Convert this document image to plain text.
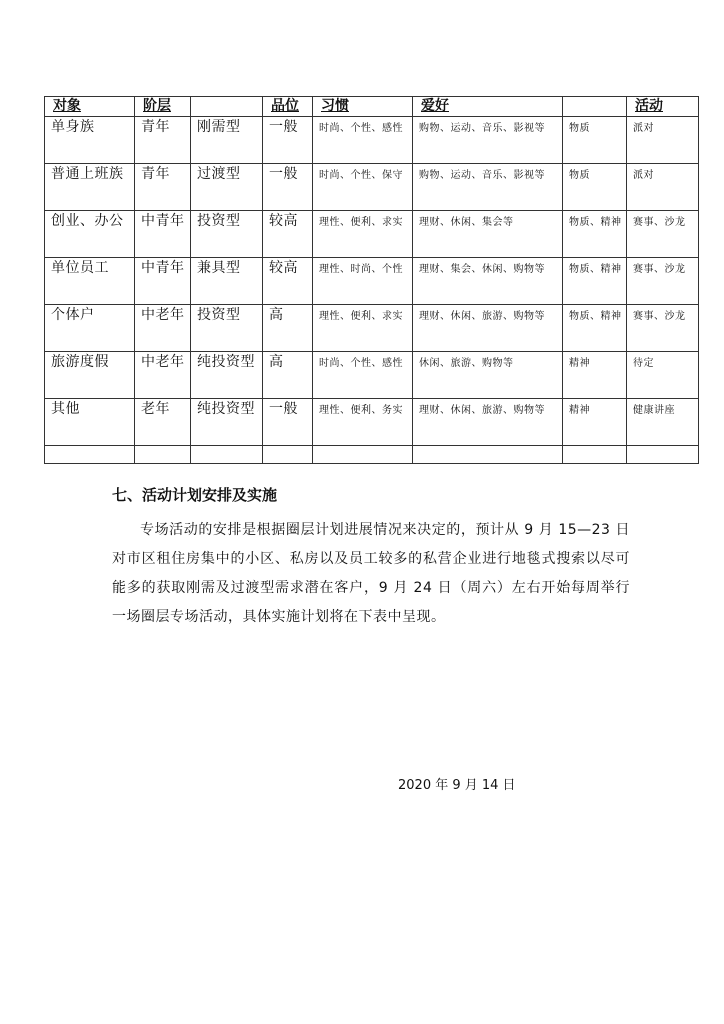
对象	阶层		品位	习惯	爱好		活动
单身族	青年	刚需型	一般	时尚、个性、感性	购物、运动、音乐、影视等	物质	派对

普通上班族	青年	过渡型	一般	时尚、个性、保守	购物、运动、音乐、影视等	物质	派对

创业、办公	中青年	投资型	较高	理性、便利、求实	理财、休闲、集会等	物质、精神	赛事、沙龙

单位员工	中青年	兼具型	较高	理性、时尚、个性	理财、集会、休闲、购物等	物质、精神	赛事、沙龙

个体户	中老年	投资型	高	理性、便利、求实	理财、休闲、旅游、购物等	物质、精神	赛事、沙龙

旅游度假	中老年	纯投资型	高	时尚、个性、感性	休闲、旅游、购物等	精神	待定

其他	老年	纯投资型	一般	理性、便利、务实	理财、休闲、旅游、购物等	精神	健康讲座

七、活动计划安排及实施
专场活动的安排是根据圈层计划进展情况来决定的，预计从 9 月 15—23 日对市区租住房集中的小区、私房以及员工较多的私营企业进行地毯式搜索以尽可能多的获取刚需及过渡型需求潜在客户，9 月 24 日（周六）左右开始每周举行一场圈层专场活动，具体实施计划将在下表中呈现。
2020 年 9 月 14 日
